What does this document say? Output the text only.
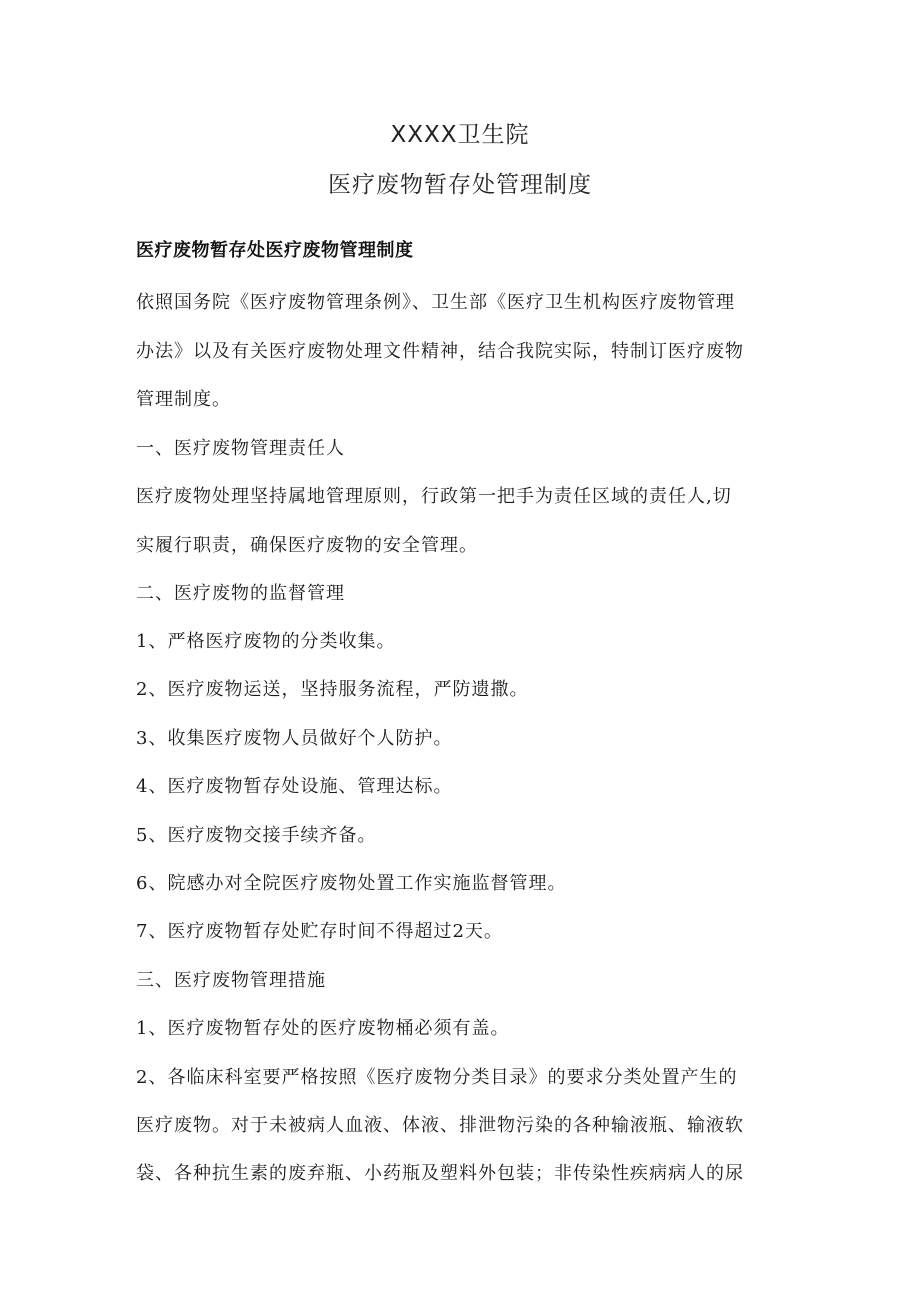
XXXX卫生院
医疗废物暂存处管理制度
医疗废物暂存处医疗废物管理制度
依照国务院《医疗废物管理条例》、卫生部《医疗卫生机构医疗废物管理
办法》以及有关医疗废物处理文件精神，结合我院实际，特制订医疗废物
管理制度。
一、医疗废物管理责任人
医疗废物处理坚持属地管理原则，行政第一把手为责任区域的责任人,切
实履行职责，确保医疗废物的安全管理。
二、医疗废物的监督管理
1、严格医疗废物的分类收集。
2、医疗废物运送，坚持服务流程，严防遗撒。
3、收集医疗废物人员做好个人防护。
4、医疗废物暂存处设施、管理达标。
5、医疗废物交接手续齐备。
6、院感办对全院医疗废物处置工作实施监督管理。
7、医疗废物暂存处贮存时间不得超过2天。
三、医疗废物管理措施
1、医疗废物暂存处的医疗废物桶必须有盖。
2、各临床科室要严格按照《医疗废物分类目录》的要求分类处置产生的
医疗废物。对于未被病人血液、体液、排泄物污染的各种输液瓶、输液软
袋、各种抗生素的废弃瓶、小药瓶及塑料外包装；非传染性疾病病人的尿
